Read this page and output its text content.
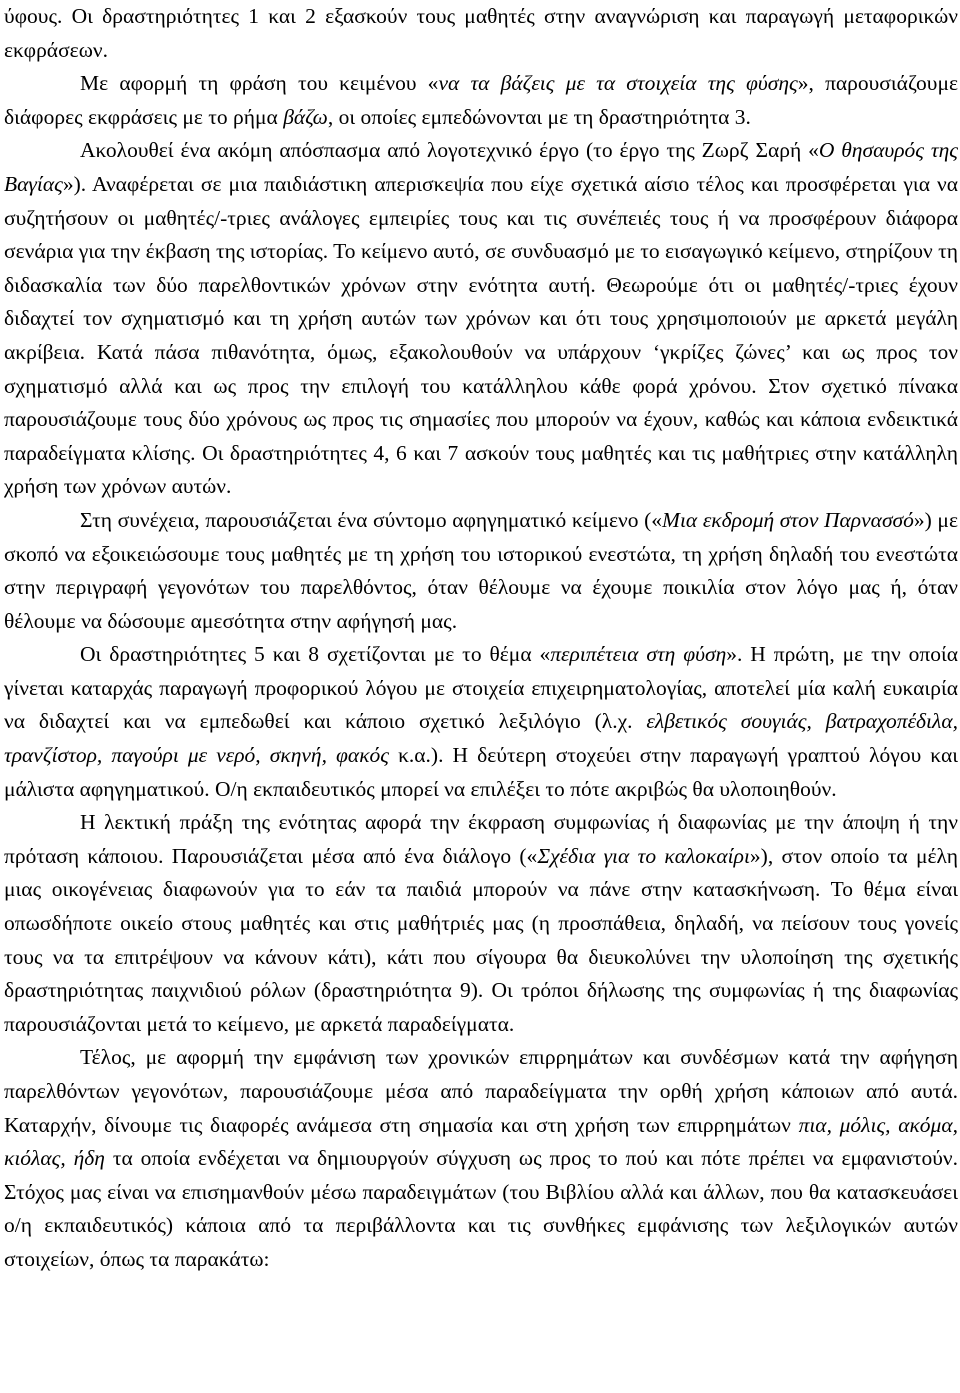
ύφους. Οι δραστηριότητες 1 και 2 εξασκούν τους μαθητές στην αναγνώριση και παραγωγή μεταφορικών εκφράσεων.

Με αφορμή τη φράση του κειμένου «να τα βάζεις με τα στοιχεία της φύσης», παρουσιάζουμε διάφορες εκφράσεις με το ρήμα βάζω, οι οποίες εμπεδώνονται με τη δραστηριότητα 3.

Ακολουθεί ένα ακόμη απόσπασμα από λογοτεχνικό έργο (το έργο της Ζωρζ Σαρή «Ο θησαυρός της Βαγίας»). Αναφέρεται σε μια παιδιάστικη απερισκεψία που είχε σχετικά αίσιο τέλος και προσφέρεται για να συζητήσουν οι μαθητές/-τριες ανάλογες εμπειρίες τους και τις συνέπειές τους ή να προσφέρουν διάφορα σενάρια για την έκβαση της ιστορίας. Το κείμενο αυτό, σε συνδυασμό με το εισαγωγικό κείμενο, στηρίζουν τη διδασκαλία των δύο παρελθοντικών χρόνων στην ενότητα αυτή. Θεωρούμε ότι οι μαθητές/-τριες έχουν διδαχτεί τον σχηματισμό και τη χρήση αυτών των χρόνων και ότι τους χρησιμοποιούν με αρκετά μεγάλη ακρίβεια. Κατά πάσα πιθανότητα, όμως, εξακολουθούν να υπάρχουν ‘γκρίζες ζώνες’ και ως προς τον σχηματισμό αλλά και ως προς την επιλογή του κατάλληλου κάθε φορά χρόνου. Στον σχετικό πίνακα παρουσιάζουμε τους δύο χρόνους ως προς τις σημασίες που μπορούν να έχουν, καθώς και κάποια ενδεικτικά παραδείγματα κλίσης. Οι δραστηριότητες 4, 6 και 7 ασκούν τους μαθητές και τις μαθήτριες στην κατάλληλη χρήση των χρόνων αυτών.

Στη συνέχεια, παρουσιάζεται ένα σύντομο αφηγηματικό κείμενο («Μια εκδρομή στον Παρνασσό») με σκοπό να εξοικειώσουμε τους μαθητές με τη χρήση του ιστορικού ενεστώτα, τη χρήση δηλαδή του ενεστώτα στην περιγραφή γεγονότων του παρελθόντος, όταν θέλουμε να έχουμε ποικιλία στον λόγο μας ή, όταν θέλουμε να δώσουμε αμεσότητα στην αφήγησή μας.

Οι δραστηριότητες 5 και 8 σχετίζονται με το θέμα «περιπέτεια στη φύση». Η πρώτη, με την οποία γίνεται καταρχάς παραγωγή προφορικού λόγου με στοιχεία επιχειρηματολογίας, αποτελεί μία καλή ευκαιρία να διδαχτεί και να εμπεδωθεί και κάποιο σχετικό λεξιλόγιο (λ.χ. ελβετικός σουγιάς, βατραχοπέδιλα, τρανζίστορ, παγούρι με νερό, σκηνή, φακός κ.α.). Η δεύτερη στοχεύει στην παραγωγή γραπτού λόγου και μάλιστα αφηγηματικού. Ο/η εκπαιδευτικός μπορεί να επιλέξει το πότε ακριβώς θα υλοποιηθούν.

Η λεκτική πράξη της ενότητας αφορά την έκφραση συμφωνίας ή διαφωνίας με την άποψη ή την πρόταση κάποιου. Παρουσιάζεται μέσα από ένα διάλογο («Σχέδια για το καλοκαίρι»), στον οποίο τα μέλη μιας οικογένειας διαφωνούν για το εάν τα παιδιά μπορούν να πάνε στην κατασκήνωση. Το θέμα είναι οπωσδήποτε οικείο στους μαθητές και στις μαθήτριές μας (η προσπάθεια, δηλαδή, να πείσουν τους γονείς τους να τα επιτρέψουν να κάνουν κάτι), κάτι που σίγουρα θα διευκολύνει την υλοποίηση της σχετικής δραστηριότητας παιχνιδιού ρόλων (δραστηριότητα 9). Οι τρόποι δήλωσης της συμφωνίας ή της διαφωνίας παρουσιάζονται μετά το κείμενο, με αρκετά παραδείγματα.

Τέλος, με αφορμή την εμφάνιση των χρονικών επιρρημάτων και συνδέσμων κατά την αφήγηση παρελθόντων γεγονότων, παρουσιάζουμε μέσα από παραδείγματα την ορθή χρήση κάποιων από αυτά. Καταρχήν, δίνουμε τις διαφορές ανάμεσα στη σημασία και στη χρήση των επιρρημάτων πια, μόλις, ακόμα, κιόλας, ήδη τα οποία ενδέχεται να δημιουργούν σύγχυση ως προς το πού και πότε πρέπει να εμφανιστούν. Στόχος μας είναι να επισημανθούν μέσω παραδειγμάτων (του Βιβλίου αλλά και άλλων, που θα κατασκευάσει ο/η εκπαιδευτικός) κάποια από τα περιβάλλοντα και τις συνθήκες εμφάνισης των λεξιλογικών αυτών στοιχείων, όπως τα παρακάτω:
